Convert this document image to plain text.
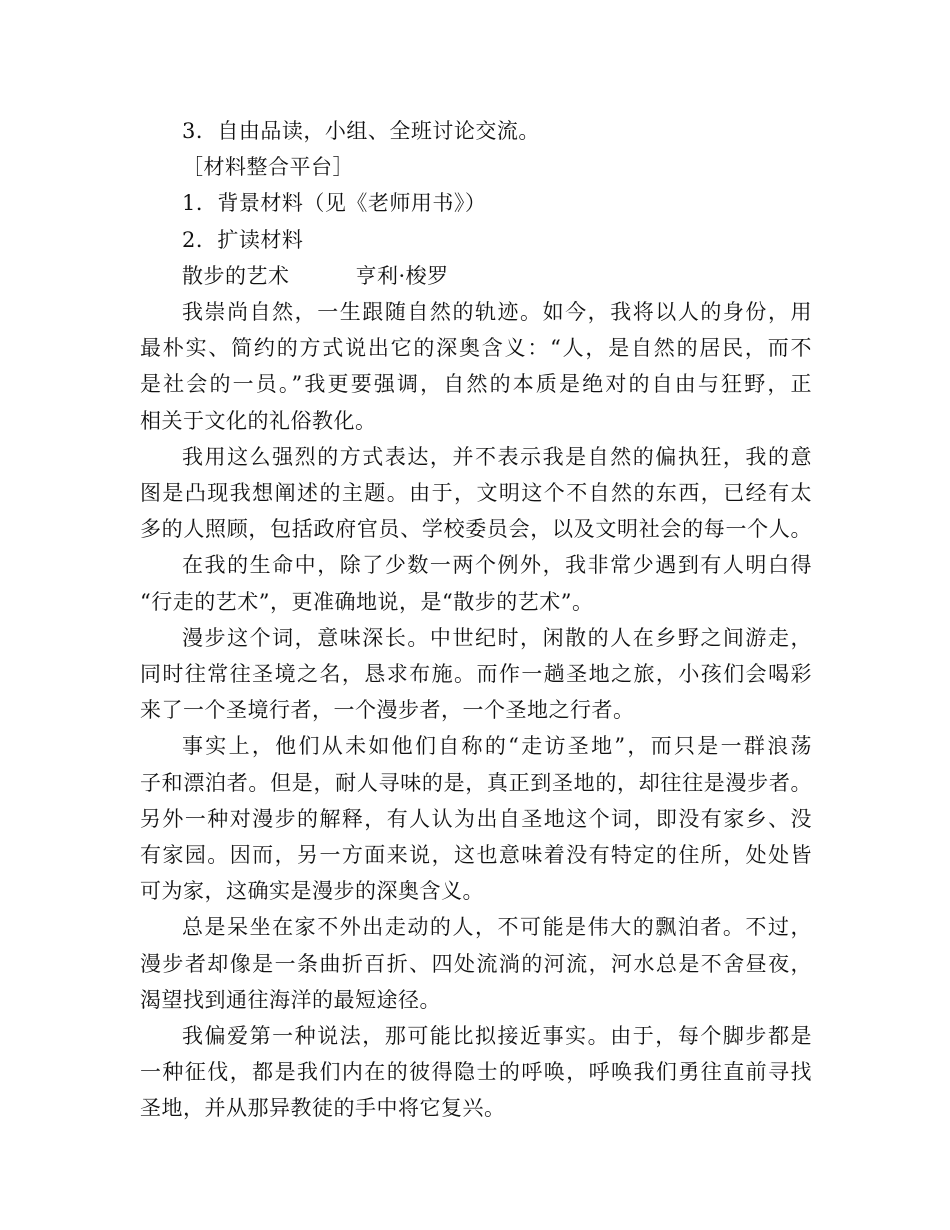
3．自由品读，小组、全班讨论交流。

［材料整合平台］

1．背景材料（见《老师用书》）

2．扩读材料

散步的艺术	亨利·梭罗

我崇尚自然，一生跟随自然的轨迹。如今，我将以人的身份，用

最朴实、简约的方式说出它的深奥含义：“人，是自然的居民，而不

是社会的一员。”我更要强调，自然的本质是绝对的自由与狂野，正

相关于文化的礼俗教化。

我用这么强烈的方式表达，并不表示我是自然的偏执狂，我的意

图是凸现我想阐述的主题。由于，文明这个不自然的东西，已经有太

多的人照顾，包括政府官员、学校委员会，以及文明社会的每一个人。

在我的生命中，除了少数一两个例外，我非常少遇到有人明白得

“行走的艺术”，更准确地说，是“散步的艺术”。

漫步这个词，意味深长。中世纪时，闲散的人在乡野之间游走，

同时往常往圣境之名，恳求布施。而作一趟圣地之旅，小孩们会喝彩

来了一个圣境行者，一个漫步者，一个圣地之行者。

事实上，他们从未如他们自称的“走访圣地”，而只是一群浪荡

子和漂泊者。但是，耐人寻味的是，真正到圣地的，却往往是漫步者。

另外一种对漫步的解释，有人认为出自圣地这个词，即没有家乡、没

有家园。因而，另一方面来说，这也意味着没有特定的住所，处处皆

可为家，这确实是漫步的深奥含义。

总是呆坐在家不外出走动的人，不可能是伟大的飘泊者。不过，

漫步者却像是一条曲折百折、四处流淌的河流，河水总是不舍昼夜，

渴望找到通往海洋的最短途径。

我偏爱第一种说法，那可能比拟接近事实。由于，每个脚步都是

一种征伐，都是我们内在的彼得隐士的呼唤，呼唤我们勇往直前寻找

圣地，并从那异教徒的手中将它复兴。
